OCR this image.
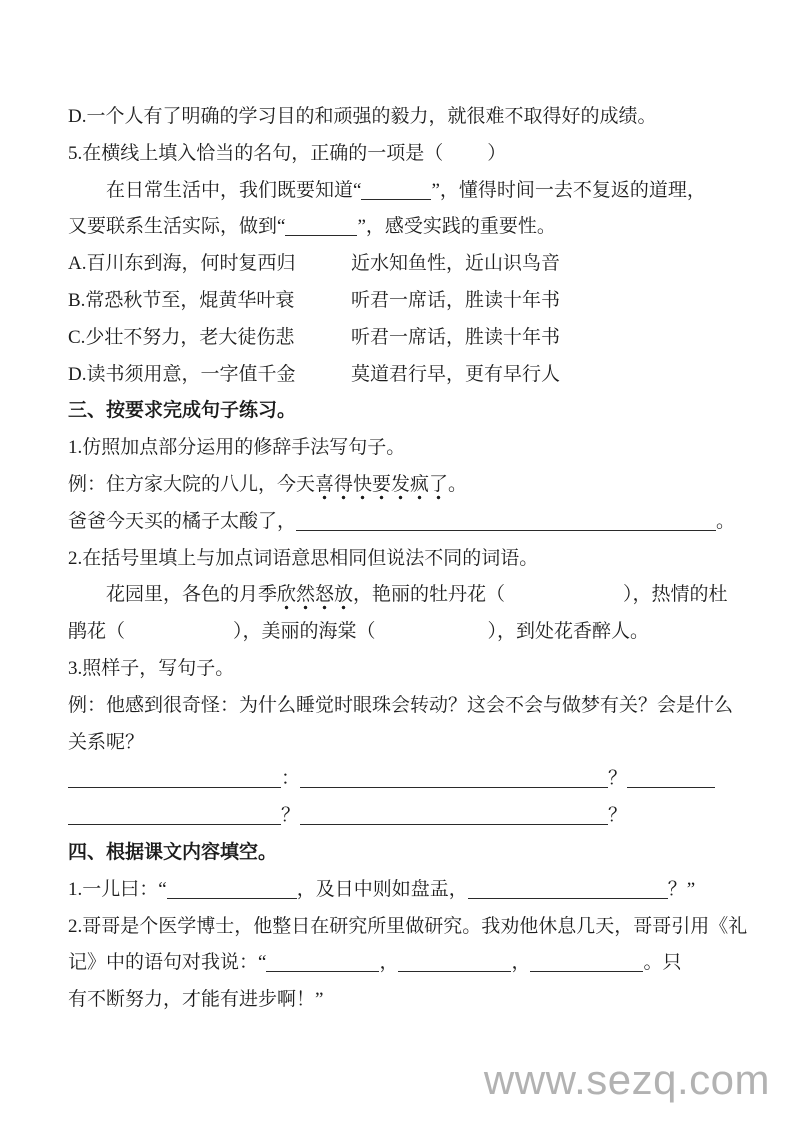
D.一个人有了明确的学习目的和顽强的毅力，就很难不取得好的成绩。
5.在横线上填入恰当的名句，正确的一项是（ ）
在日常生活中，我们既要知道“	”，懂得时间一去不复返的道理，
又要联系生活实际，做到“	”，感受实践的重要性。
A.百川东到海，何时复西归	近水知鱼性，近山识鸟音
B.常恐秋节至，焜黄华叶衰	听君一席话，胜读十年书
C.少壮不努力，老大徒伤悲	听君一席话，胜读十年书
D.读书须用意，一字值千金	莫道君行早，更有早行人
三、按要求完成句子练习。
1.仿照加点部分运用的修辞手法写句子。
例：住方家大院的八儿，今天喜得快要发疯了。
爸爸今天买的橘子太酸了，	。
2.在括号里填上与加点词语意思相同但说法不同的词语。
花园里，各色的月季欣然怒放，艳丽的牡丹花（	），热情的杜
鹃花（	），美丽的海棠（	），到处花香醉人。
3.照样子，写句子。
例：他感到很奇怪：为什么睡觉时眼珠会转动？这会不会与做梦有关？会是什么
关系呢？
：	？
？	？
四、根据课文内容填空。
1.一儿曰：“	，及日中则如盘盂，	？”
2.哥哥是个医学博士，他整日在研究所里做研究。我劝他休息几天，哥哥引用《礼
记》中的语句对我说：“	，	，	。只
有不断努力，才能有进步啊！”
www.sezq.com
